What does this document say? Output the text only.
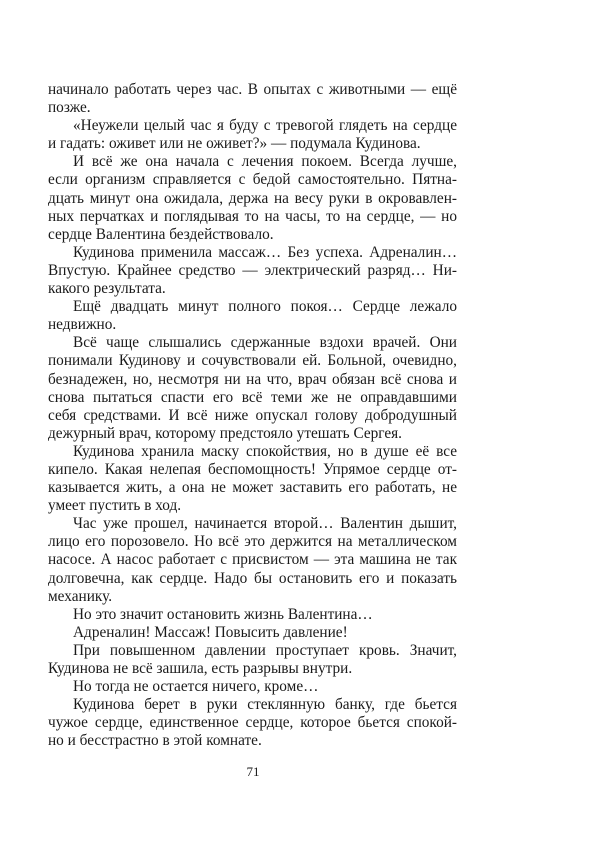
начинало работать через час. В опытах с животными — ещё
позже.
«Неужели целый час я буду с тревогой глядеть на сердце
и гадать: оживет или не оживет?» — подумала Кудинова.
И всё же она начала с лечения покоем. Всегда лучше,
если организм справляется с бедой самостоятельно. Пятна-
дцать минут она ожидала, держа на весу руки в окровавлен-
ных перчатках и поглядывая то на часы, то на сердце, — но
сердце Валентина бездействовало.
Кудинова применила массаж… Без успеха. Адреналин…
Впустую. Крайнее средство — электрический разряд… Ни-
какого результата.
Ещё двадцать минут полного покоя… Сердце лежало
недвижно.
Всё чаще слышались сдержанные вздохи врачей. Они
понимали Кудинову и сочувствовали ей. Больной, очевидно,
безнадежен, но, несмотря ни на что, врач обязан всё снова и
снова пытаться спасти его всё теми же не оправдавшими
себя средствами. И всё ниже опускал голову добродушный
дежурный врач, которому предстояло утешать Сергея.
Кудинова хранила маску спокойствия, но в душе её все
кипело. Какая нелепая беспомощность! Упрямое сердце от-
казывается жить, а она не может заставить его работать, не
умеет пустить в ход.
Час уже прошел, начинается второй… Валентин дышит,
лицо его порозовело. Но всё это держится на металлическом
насосе. А насос работает с присвистом — эта машина не так
долговечна, как сердце. Надо бы остановить его и показать
механику.
Но это значит остановить жизнь Валентина…
Адреналин! Массаж! Повысить давление!
При повышенном давлении проступает кровь. Значит,
Кудинова не всё зашила, есть разрывы внутри.
Но тогда не остается ничего, кроме…
Кудинова берет в руки стеклянную банку, где бьется
чужое сердце, единственное сердце, которое бьется спокой-
но и бесстрастно в этой комнате.
71
